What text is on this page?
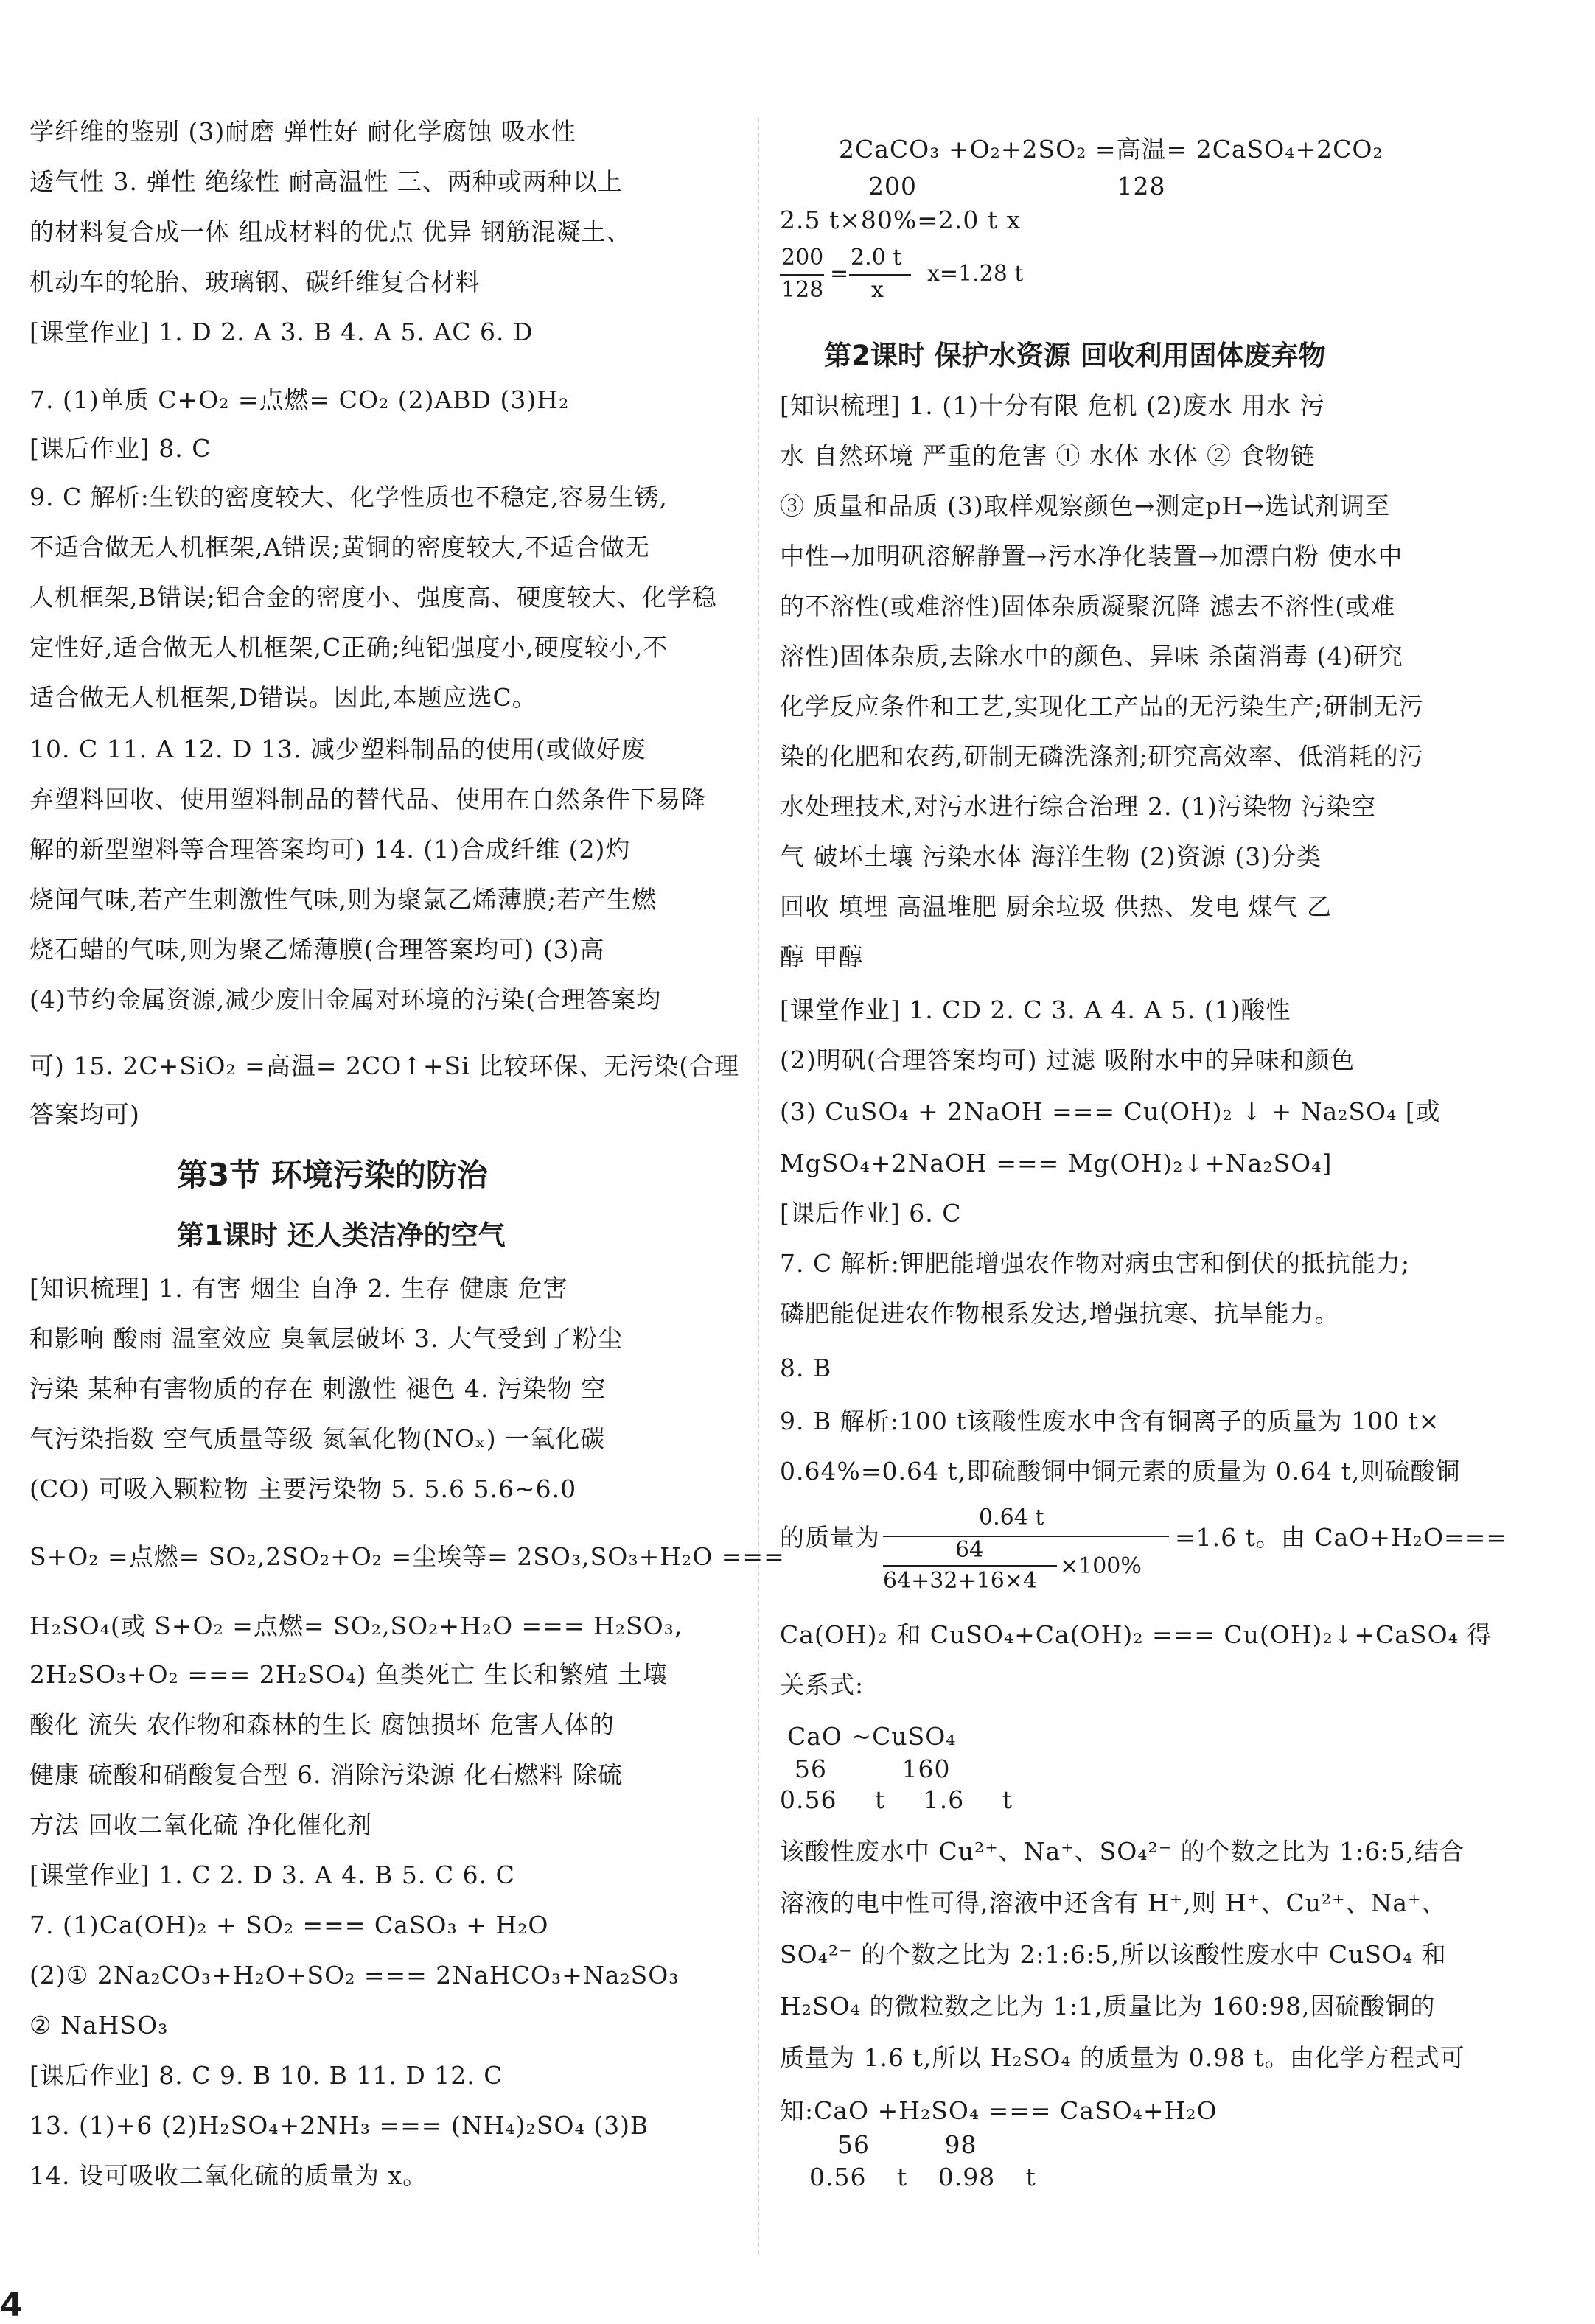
学纤维的鉴别 (3)耐磨 弹性好 耐化学腐蚀 吸水性
透气性 3. 弹性 绝缘性 耐高温性 三、两种或两种以上
的材料复合成一体 组成材料的优点 优异 钢筋混凝土、
机动车的轮胎、玻璃钢、碳纤维复合材料
[课堂作业] 1. D 2. A 3. B 4. A 5. AC 6. D
7. (1)单质 C+O₂ =点燃= CO₂ (2)ABD (3)H₂
[课后作业] 8. C
9. C 解析:生铁的密度较大、化学性质也不稳定,容易生锈,
不适合做无人机框架,A错误;黄铜的密度较大,不适合做无
人机框架,B错误;铝合金的密度小、强度高、硬度较大、化学稳
定性好,适合做无人机框架,C正确;纯铝强度小,硬度较小,不
适合做无人机框架,D错误。因此,本题应选C。
10. C 11. A 12. D 13. 减少塑料制品的使用(或做好废
弃塑料回收、使用塑料制品的替代品、使用在自然条件下易降
解的新型塑料等合理答案均可) 14. (1)合成纤维 (2)灼
烧闻气味,若产生刺激性气味,则为聚氯乙烯薄膜;若产生燃
烧石蜡的气味,则为聚乙烯薄膜(合理答案均可) (3)高
(4)节约金属资源,减少废旧金属对环境的污染(合理答案均
可) 15. 2C+SiO₂ =高温= 2CO↑+Si 比较环保、无污染(合理
答案均可)
第3节 环境污染的防治
第1课时 还人类洁净的空气
[知识梳理] 1. 有害 烟尘 自净 2. 生存 健康 危害
和影响 酸雨 温室效应 臭氧层破坏 3. 大气受到了粉尘
污染 某种有害物质的存在 刺激性 褪色 4. 污染物 空
气污染指数 空气质量等级 氮氧化物(NOₓ) 一氧化碳
(CO) 可吸入颗粒物 主要污染物 5. 5.6 5.6~6.0
S+O₂ =点燃= SO₂,2SO₂+O₂ =尘埃等= 2SO₃,SO₃+H₂O ===
H₂SO₄(或 S+O₂ =点燃= SO₂,SO₂+H₂O === H₂SO₃,
2H₂SO₃+O₂ === 2H₂SO₄) 鱼类死亡 生长和繁殖 土壤
酸化 流失 农作物和森林的生长 腐蚀损坏 危害人体的
健康 硫酸和硝酸复合型 6. 消除污染源 化石燃料 除硫
方法 回收二氧化硫 净化催化剂
[课堂作业] 1. C 2. D 3. A 4. B 5. C 6. C
7. (1)Ca(OH)₂ + SO₂ === CaSO₃ + H₂O
(2)① 2Na₂CO₃+H₂O+SO₂ === 2NaHCO₃+Na₂SO₃
② NaHSO₃
[课后作业] 8. C 9. B 10. B 11. D 12. C
13. (1)+6 (2)H₂SO₄+2NH₃ === (NH₄)₂SO₄ (3)B
14. 设可吸收二氧化硫的质量为 x。
2CaCO₃ +O₂+2SO₂ =高温= 2CaSO₄+2CO₂
200 128
2.5 t×80%=2.0 t x
200
128
=
2.0 t
x
x=1.28 t
第2课时 保护水资源 回收利用固体废弃物
[知识梳理] 1. (1)十分有限 危机 (2)废水 用水 污
水 自然环境 严重的危害 ① 水体 水体 ② 食物链
③ 质量和品质 (3)取样观察颜色→测定pH→选试剂调至
中性→加明矾溶解静置→污水净化装置→加漂白粉 使水中
的不溶性(或难溶性)固体杂质凝聚沉降 滤去不溶性(或难
溶性)固体杂质,去除水中的颜色、异味 杀菌消毒 (4)研究
化学反应条件和工艺,实现化工产品的无污染生产;研制无污
染的化肥和农药,研制无磷洗涤剂;研究高效率、低消耗的污
水处理技术,对污水进行综合治理 2. (1)污染物 污染空
气 破坏土壤 污染水体 海洋生物 (2)资源 (3)分类
回收 填埋 高温堆肥 厨余垃圾 供热、发电 煤气 乙
醇 甲醇
[课堂作业] 1. CD 2. C 3. A 4. A 5. (1)酸性
(2)明矾(合理答案均可) 过滤 吸附水中的异味和颜色
(3) CuSO₄ + 2NaOH === Cu(OH)₂ ↓ + Na₂SO₄ [或
MgSO₄+2NaOH === Mg(OH)₂↓+Na₂SO₄]
[课后作业] 6. C
7. C 解析:钾肥能增强农作物对病虫害和倒伏的抵抗能力;
磷肥能促进农作物根系发达,增强抗寒、抗旱能力。
8. B
9. B 解析:100 t该酸性废水中含有铜离子的质量为 100 t×
0.64%=0.64 t,即硫酸铜中铜元素的质量为 0.64 t,则硫酸铜
的质量为
0.64 t
64
64+32+16×4
×100%
=1.6 t。由 CaO+H₂O===
Ca(OH)₂ 和 CuSO₄+Ca(OH)₂ === Cu(OH)₂↓+CaSO₄ 得
关系式:
CaO ~CuSO₄
56 160
0.56 t 1.6 t
该酸性废水中 Cu²⁺、Na⁺、SO₄²⁻ 的个数之比为 1:6:5,结合
溶液的电中性可得,溶液中还含有 H⁺,则 H⁺、Cu²⁺、Na⁺、
SO₄²⁻ 的个数之比为 2:1:6:5,所以该酸性废水中 CuSO₄ 和
H₂SO₄ 的微粒数之比为 1:1,质量比为 160:98,因硫酸铜的
质量为 1.6 t,所以 H₂SO₄ 的质量为 0.98 t。由化学方程式可
知:CaO +H₂SO₄ === CaSO₄+H₂O
56 98
0.56 t 0.98 t
4
